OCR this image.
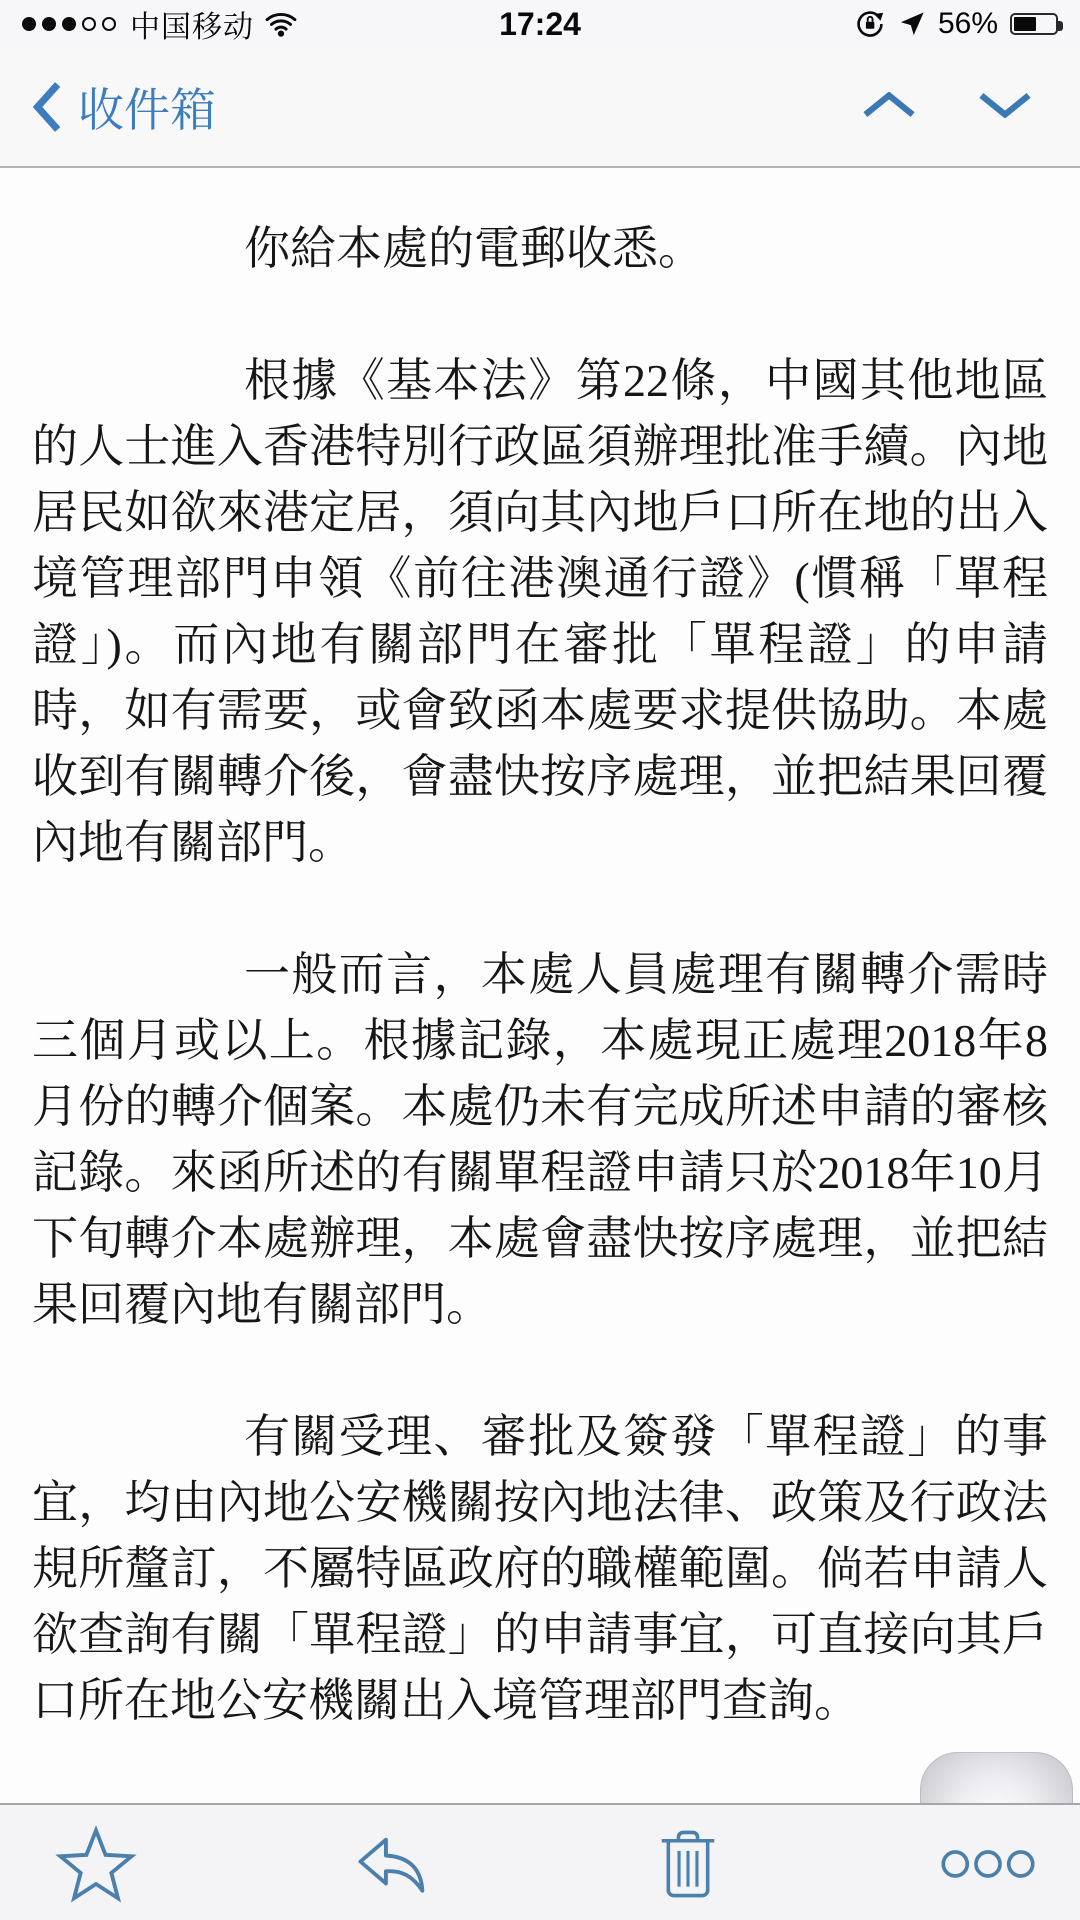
中国移动	17:24	56%
收件箱

你給本處的電郵收悉。

根據《基本法》第22條，中國其他地區的人士進入香港特別行政區須辦理批准手續。內地居民如欲來港定居，須向其內地戶口所在地的出入境管理部門申領《前往港澳通行證》(慣稱「單程證」)。而內地有關部門在審批「單程證」的申請時，如有需要，或會致函本處要求提供協助。本處收到有關轉介後，會盡快按序處理，並把結果回覆內地有關部門。

一般而言，本處人員處理有關轉介需時三個月或以上。根據記錄，本處現正處理2018年8月份的轉介個案。本處仍未有完成所述申請的審核記錄。來函所述的有關單程證申請只於2018年10月下旬轉介本處辦理，本處會盡快按序處理，並把結果回覆內地有關部門。

有關受理、審批及簽發「單程證」的事宜，均由內地公安機關按內地法律、政策及行政法規所釐訂，不屬特區政府的職權範圍。倘若申請人欲查詢有關「單程證」的申請事宜，可直接向其戶口所在地公安機關出入境管理部門查詢。
